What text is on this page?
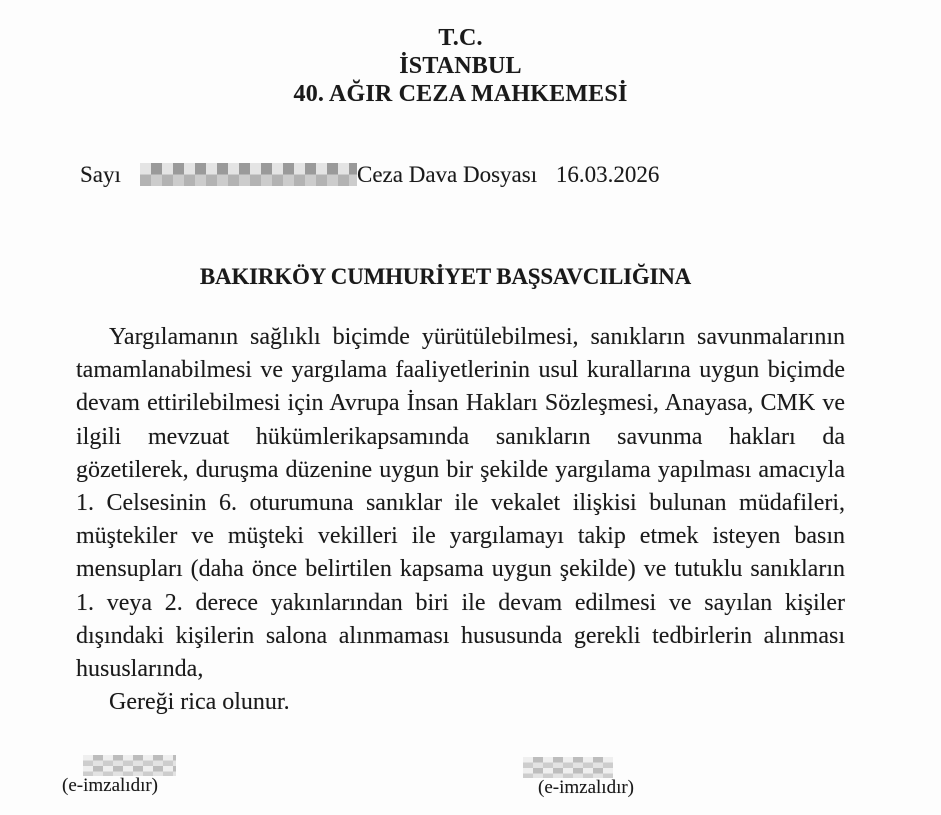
T.C.
İSTANBUL
40. AĞIR CEZA MAHKEMESİ
Sayı	Ceza Dava Dosyası 16.03.2026
BAKIRKÖY CUMHURİYET BAŞSAVCILIĞINA
Yargılamanın sağlıklı biçimde yürütülebilmesi, sanıkların savunmalarının
tamamlanabilmesi ve yargılama faaliyetlerinin usul kurallarına uygun biçimde
devam ettirilebilmesi için Avrupa İnsan Hakları Sözleşmesi, Anayasa, CMK ve
ilgili mevzuat hükümlerikapsamında sanıkların savunma hakları da
gözetilerek, duruşma düzenine uygun bir şekilde yargılama yapılması amacıyla
1. Celsesinin 6. oturumuna sanıklar ile vekalet ilişkisi bulunan müdafileri,
müştekiler ve müşteki vekilleri ile yargılamayı takip etmek isteyen basın
mensupları (daha önce belirtilen kapsama uygun şekilde) ve tutuklu sanıkların
1. veya 2. derece yakınlarından biri ile devam edilmesi ve sayılan kişiler
dışındaki kişilerin salona alınmaması hususunda gerekli tedbirlerin alınması
hususlarında,
Gereği rica olunur.
(e-imzalıdır)	(e-imzalıdır)
